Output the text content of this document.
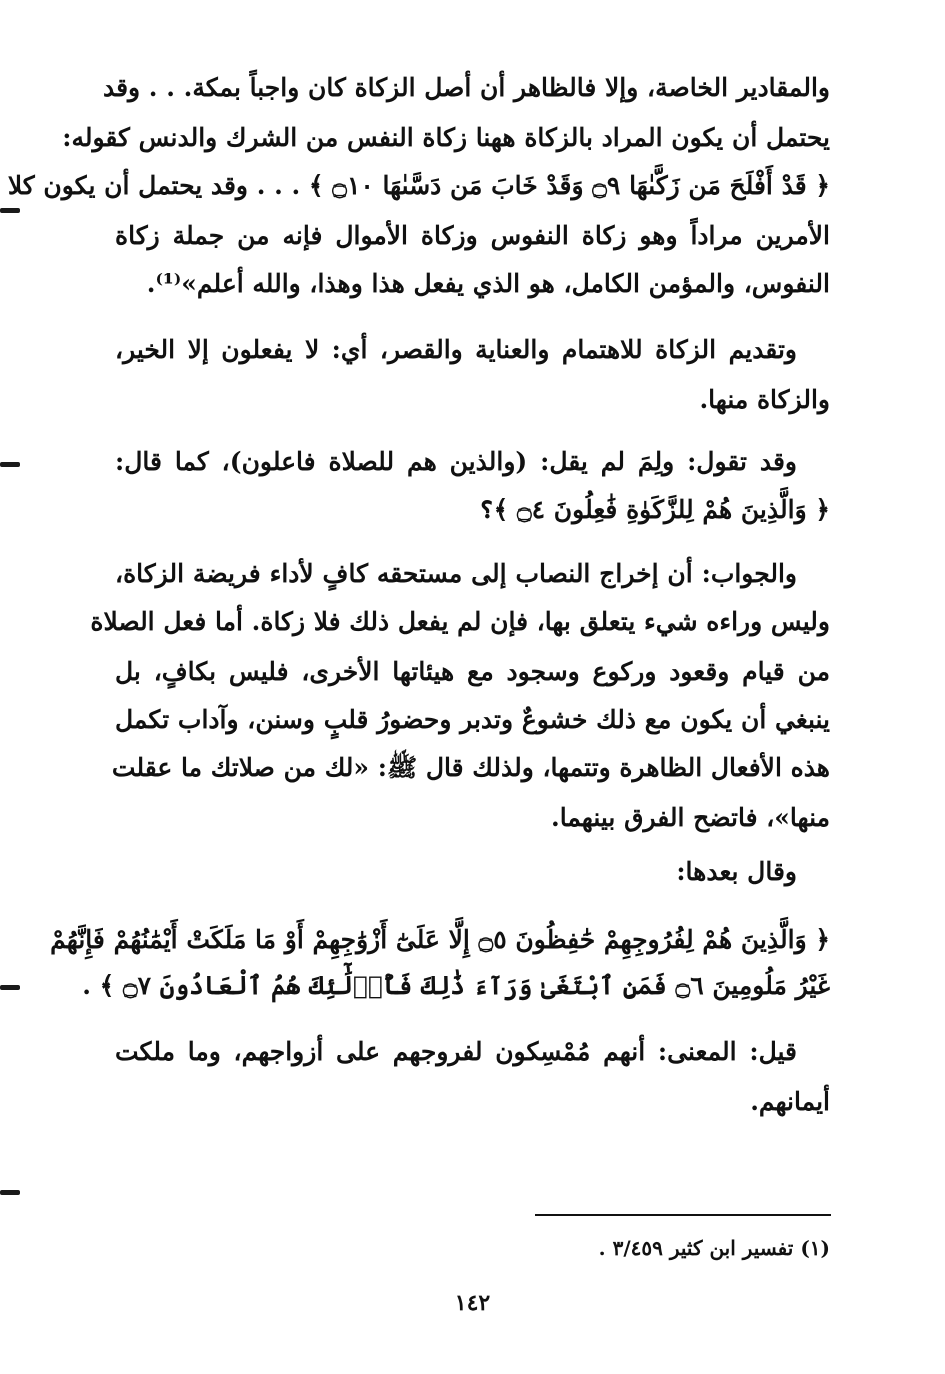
والمقادير الخاصة، وإلا فالظاهر أن أصل الزكاة كان واجباً بمكة. . . وقد
يحتمل أن يكون المراد بالزكاة ههنا زكاة النفس من الشرك والدنس كقوله:
﴿ قَدْ أَفْلَحَ مَن زَكَّىٰهَا ۝٩ وَقَدْ خَابَ مَن دَسَّىٰهَا ۝١٠ ﴾ . . . وقد يحتمل أن يكون كلا
الأمرين مراداً وهو زكاة النفوس وزكاة الأموال فإنه من جملة زكاة
النفوس، والمؤمن الكامل، هو الذي يفعل هذا وهذا، والله أعلم»⁽¹⁾.
وتقديم الزكاة للاهتمام والعناية والقصر، أي: لا يفعلون إلا الخير،
والزكاة منها.
وقد تقول: ولِمَ لم يقل: (والذين هم للصلاة فاعلون)، كما قال:
﴿ وَالَّذِينَ هُمْ لِلزَّكَوٰةِ فَٰعِلُونَ ۝٤ ﴾؟
والجواب: أن إخراج النصاب إلى مستحقه كافٍ لأداء فريضة الزكاة،
وليس وراءه شيء يتعلق بها، فإن لم يفعل ذلك فلا زكاة. أما فعل الصلاة
من قيام وقعود وركوع وسجود مع هيئاتها الأخرى، فليس بكافٍ، بل
ينبغي أن يكون مع ذلك خشوعٌ وتدبر وحضورُ قلبٍ وسنن، وآداب تكمل
هذه الأفعال الظاهرة وتتمها، ولذلك قال ﷺ: «لك من صلاتك ما عقلت
منها»، فاتضح الفرق بينهما.
وقال بعدها:
﴿ وَالَّذِينَ هُمْ لِفُرُوجِهِمْ حَٰفِظُونَ ۝٥ إِلَّا عَلَىٰٓ أَزْوَٰجِهِمْ أَوْ مَا مَلَكَتْ أَيْمَٰنُهُمْ فَإِنَّهُمْ
غَيْرُ مَلُومِينَ ۝٦ فَمَنِ ٱبْتَغَىٰ وَرَآءَ ذَٰلِكَ فَأُو۟لَٰٓئِكَ هُمُ ٱلْعَادُونَ ۝٧ ﴾ .
قيل: المعنى: أنهم مُمْسِكون لفروجهم على أزواجهم، وما ملكت
أيمانهم.
(١) تفسير ابن كثير ٣/٤٥٩ .
١٤٢
